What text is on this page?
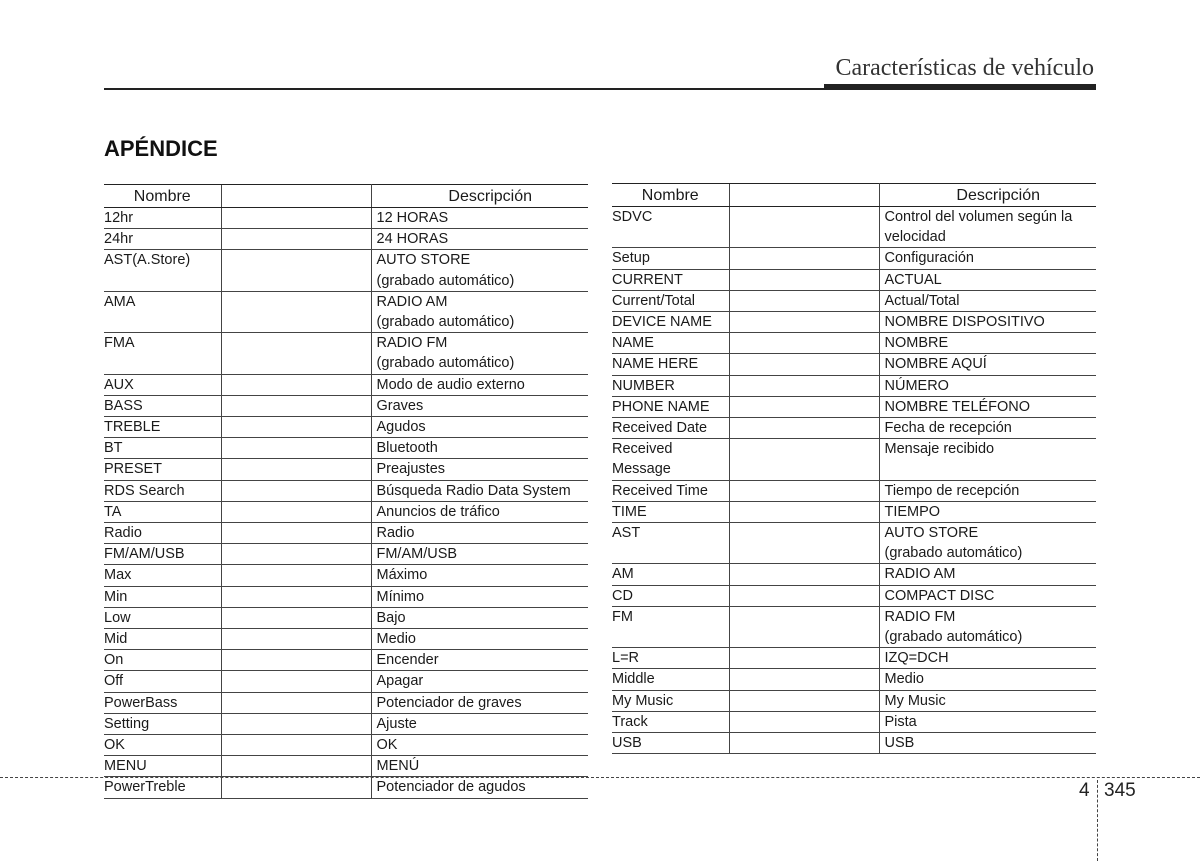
Características de vehículo
APÉNDICE
Nombre		Descripción

12hr		12 HORAS

24hr		24 HORAS

AST(A.Store)		AUTO STORE
(grabado automático)

AMA		RADIO AM
(grabado automático)

FMA		RADIO FM
(grabado automático)

AUX		Modo de audio externo

BASS		Graves

TREBLE		Agudos

BT		Bluetooth

PRESET		Preajustes

RDS Search		Búsqueda Radio Data System

TA		Anuncios de tráfico

Radio		Radio

FM/AM/USB		FM/AM/USB

Max		Máximo

Min		Mínimo

Low		Bajo

Mid		Medio

On		Encender

Off		Apagar

PowerBass		Potenciador de graves

Setting		Ajuste

OK		OK

MENU		MENÚ

PowerTreble		Potenciador de agudos
Nombre		Descripción

SDVC		Control del volumen según la
velocidad

Setup		Configuración

CURRENT		ACTUAL

Current/Total		Actual/Total

DEVICE NAME		NOMBRE DISPOSITIVO

NAME		NOMBRE

NAME HERE		NOMBRE AQUÍ

NUMBER		NÚMERO

PHONE NAME		NOMBRE TELÉFONO

Received Date		Fecha de recepción

Received
Message		Mensaje recibido

Received Time		Tiempo de recepción

TIME		TIEMPO

AST		AUTO STORE
(grabado automático)

AM		RADIO AM

CD		COMPACT DISC

FM		RADIO FM
(grabado automático)

L=R		IZQ=DCH

Middle		Medio

My Music		My Music

Track		Pista

USB		USB
4 345
